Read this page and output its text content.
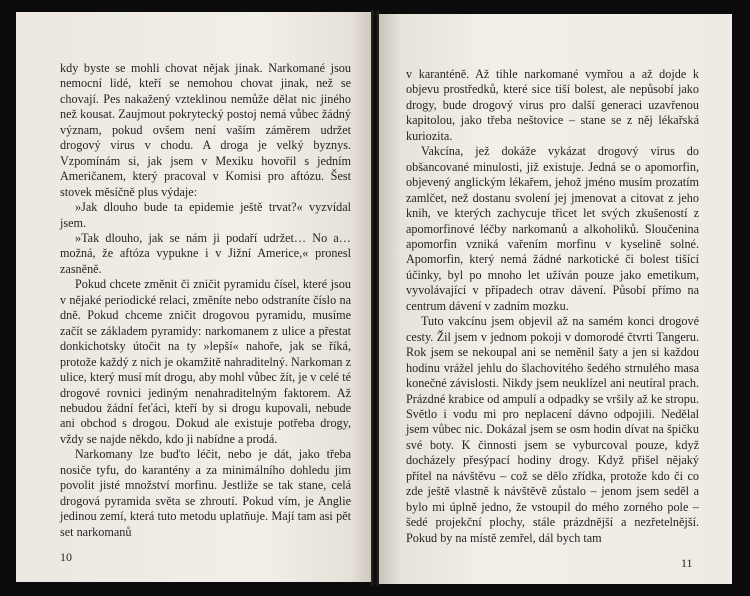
kdy byste se mohli chovat nějak jinak. Narkomané jsou nemocní lidé, kteří se nemohou chovat jinak, než se chovají. Pes nakažený vzteklinou nemůže dělat nic jiného než kousat. Zaujmout pokrytecký postoj nemá vůbec žádný význam, pokud ovšem není vaším záměrem udržet drogový virus v chodu. A droga je velký byznys. Vzpomínám si, jak jsem v Mexiku hovořil s jedním Američanem, který pracoval v Komisi pro aftózu. Šest stovek měsíčně plus výdaje:

»Jak dlouho bude ta epidemie ještě trvat?« vyzvídal jsem.

»Tak dlouho, jak se nám ji podaří udržet… No a… možná, že aftóza vypukne i v Jižní Americe,« pronesl zasněně.

Pokud chcete změnit či zničit pyramidu čísel, které jsou v nějaké periodické relaci, změníte nebo odstraníte číslo na dně. Pokud chceme zničit drogovou pyramidu, musíme začít se základem pyramidy: narkomanem z ulice a přestat donkichotsky útočit na ty »lepší« nahoře, jak se říká, protože každý z nich je okamžitě nahraditelný. Narkoman z ulice, který musí mít drogu, aby mohl vůbec žít, je v celé té drogové rovnici jediným nenahraditelným faktorem. Až nebudou žádní feťáci, kteří by si drogu kupovali, nebude ani obchod s drogou. Dokud ale existuje potřeba drogy, vždy se najde někdo, kdo ji nabídne a prodá.

Narkomany lze buďto léčit, nebo je dát, jako třeba nosiče tyfu, do karantény a za minimálního dohledu jim povolit jisté množství morfinu. Jestliže se tak stane, celá drogová pyramida světa se zhroutí. Pokud vím, je Anglie jedinou zemí, která tuto metodu uplatňuje. Mají tam asi pět set narkomanů

10

v karanténě. Až tihle narkomané vymřou a až dojde k objevu prostředků, které sice tiší bolest, ale nepůsobí jako drogy, bude drogový virus pro další generaci uzavřenou kapitolou, jako třeba neštovice – stane se z něj lékařská kuriozita.

Vakcína, jež dokáže vykázat drogový virus do obšancované minulosti, již existuje. Jedná se o apomorfin, objevený anglickým lékařem, jehož jméno musím prozatím zamlčet, než dostanu svolení jej jmenovat a citovat z jeho knih, ve kterých zachycuje třicet let svých zkušeností z apomorfinové léčby narkomanů a alkoholiků. Sloučenina apomorfin vzniká vařením morfinu v kyselině solné. Apomorfin, který nemá žádné narkotické či bolest tišící účinky, byl po mnoho let užíván pouze jako emetikum, vyvolávající v případech otrav dávení. Působí přímo na centrum dávení v zadním mozku.

Tuto vakcínu jsem objevil až na samém konci drogové cesty. Žil jsem v jednom pokoji v domorodé čtvrti Tangeru. Rok jsem se nekoupal ani se neměnil šaty a jen si každou hodinu vrážel jehlu do šlachovitého šedého strnulého masa konečné závislosti. Nikdy jsem neuklízel ani neutíral prach. Prázdné krabice od ampulí a odpadky se vršily až ke stropu. Světlo i vodu mi pro neplacení dávno odpojili. Nedělal jsem vůbec nic. Dokázal jsem se osm hodin dívat na špičku své boty. K činnosti jsem se vyburcoval pouze, když docházely přesýpací hodiny drogy. Když přišel nějaký přítel na návštěvu – což se dělo zřídka, protože kdo či co zde ještě vlastně k návštěvě zůstalo – jenom jsem seděl a bylo mi úplně jedno, že vstoupil do mého zorného pole – šedé projekční plochy, stále prázdnější a nezřetelnější. Pokud by na místě zemřel, dál bych tam

11
